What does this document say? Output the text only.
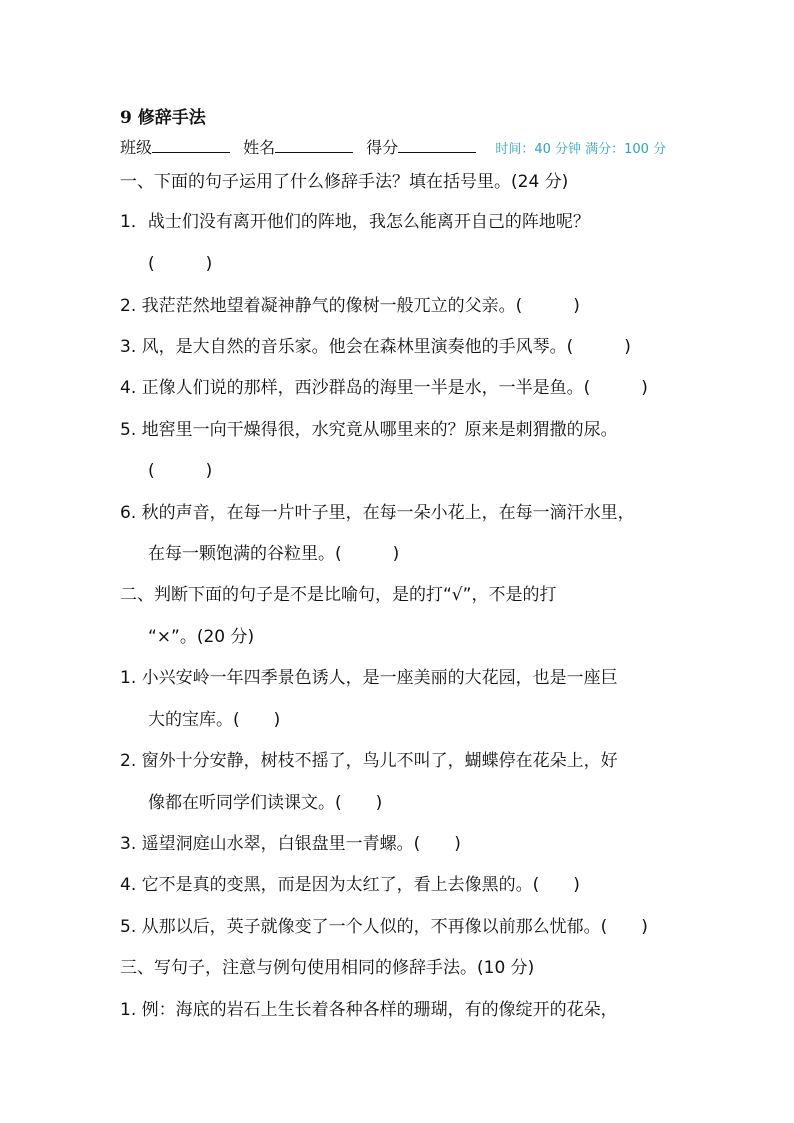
9 修辞手法
班级	姓名	得分	时间：40 分钟 满分：100 分
一、下面的句子运用了什么修辞手法？填在括号里。(24 分)
1．战士们没有离开他们的阵地，我怎么能离开自己的阵地呢？
(　　　)
2. 我茫茫然地望着凝神静气的像树一般兀立的父亲。(　　　)
3. 风，是大自然的音乐家。他会在森林里演奏他的手风琴。(　　　)
4. 正像人们说的那样，西沙群岛的海里一半是水，一半是鱼。(　　　)
5. 地窖里一向干燥得很，水究竟从哪里来的？原来是刺猬撒的尿。
(　　　)
6. 秋的声音，在每一片叶子里，在每一朵小花上，在每一滴汗水里，
在每一颗饱满的谷粒里。(　　　)
二、判断下面的句子是不是比喻句，是的打“√”，不是的打
“×”。(20 分)
1. 小兴安岭一年四季景色诱人，是一座美丽的大花园，也是一座巨
大的宝库。(　　)
2. 窗外十分安静，树枝不摇了，鸟儿不叫了，蝴蝶停在花朵上，好
像都在听同学们读课文。(　　)
3. 遥望洞庭山水翠，白银盘里一青螺。(　　)
4. 它不是真的变黑，而是因为太红了，看上去像黑的。(　　)
5. 从那以后，英子就像变了一个人似的，不再像以前那么忧郁。(　　)
三、写句子，注意与例句使用相同的修辞手法。(10 分)
1. 例：海底的岩石上生长着各种各样的珊瑚，有的像绽开的花朵，
